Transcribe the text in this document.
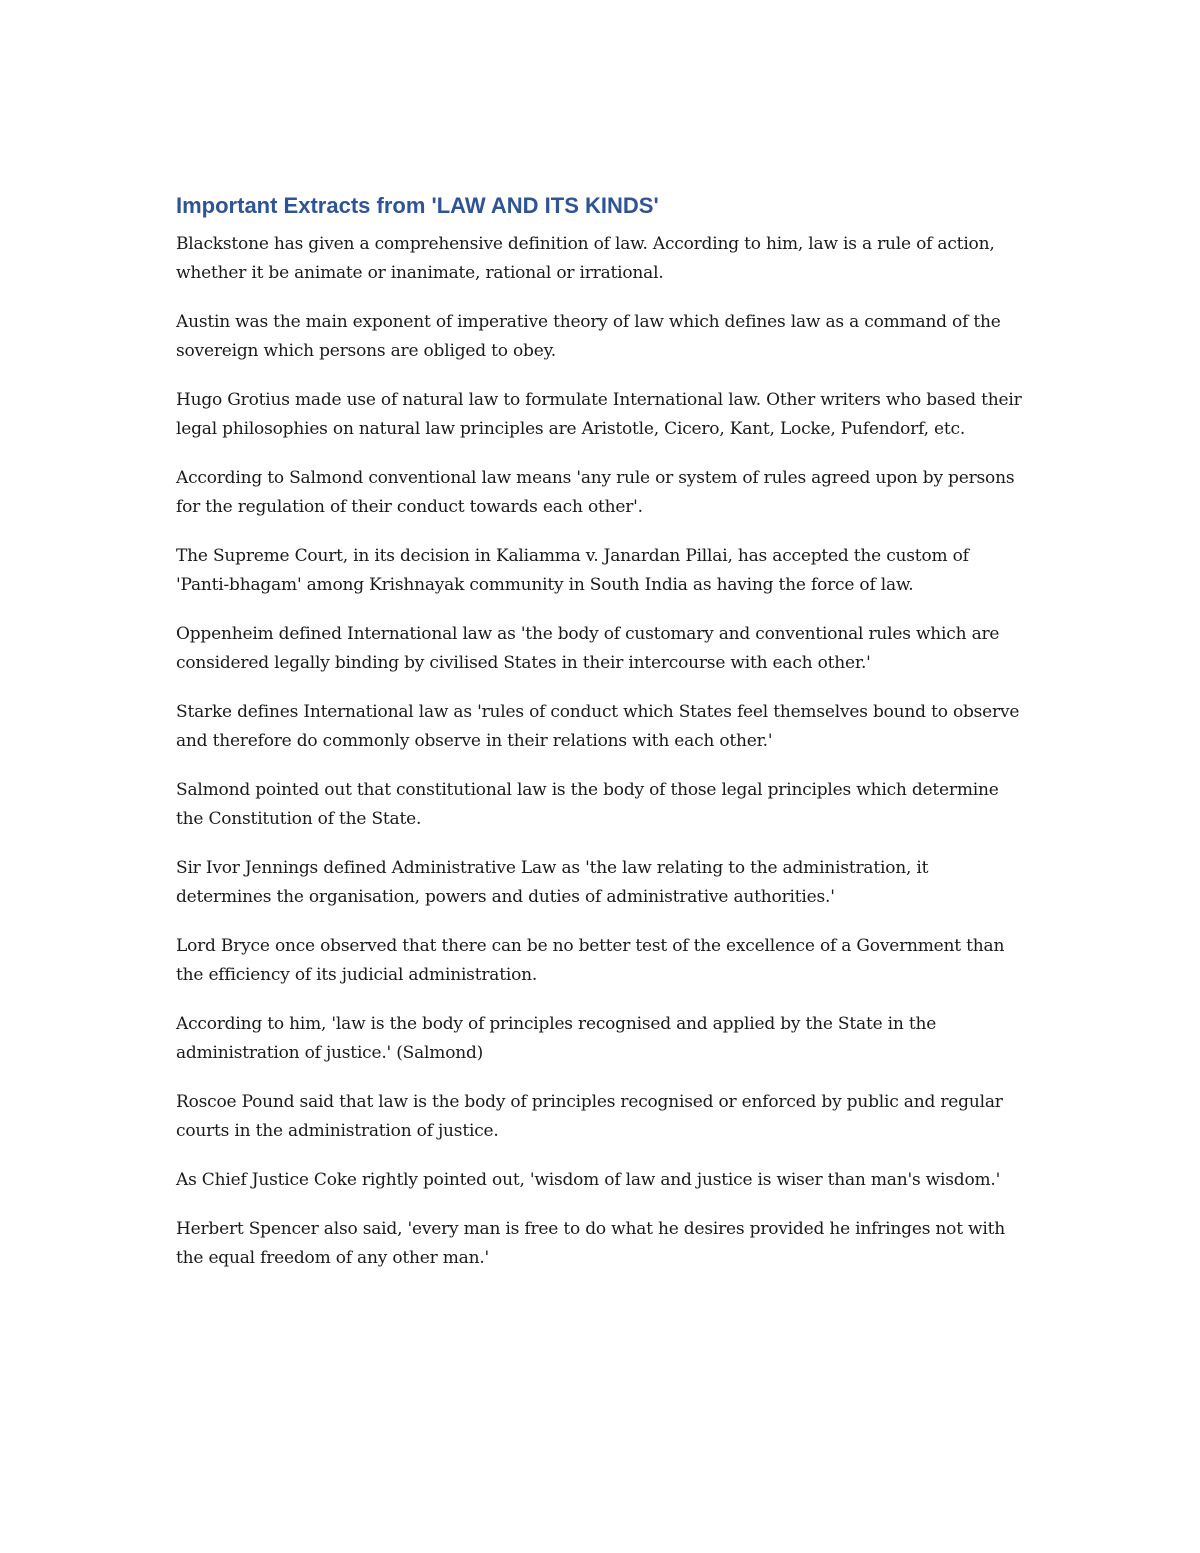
Important Extracts from 'LAW AND ITS KINDS'

Blackstone has given a comprehensive definition of law. According to him, law is a rule of action, whether it be animate or inanimate, rational or irrational.

Austin was the main exponent of imperative theory of law which defines law as a command of the sovereign which persons are obliged to obey.

Hugo Grotius made use of natural law to formulate International law. Other writers who based their legal philosophies on natural law principles are Aristotle, Cicero, Kant, Locke, Pufendorf, etc.

According to Salmond conventional law means 'any rule or system of rules agreed upon by persons for the regulation of their conduct towards each other'.

The Supreme Court, in its decision in Kaliamma v. Janardan Pillai, has accepted the custom of 'Panti-bhagam' among Krishnayak community in South India as having the force of law.

Oppenheim defined International law as 'the body of customary and conventional rules which are considered legally binding by civilised States in their intercourse with each other.'

Starke defines International law as 'rules of conduct which States feel themselves bound to observe and therefore do commonly observe in their relations with each other.'

Salmond pointed out that constitutional law is the body of those legal principles which determine the Constitution of the State.

Sir Ivor Jennings defined Administrative Law as 'the law relating to the administration, it determines the organisation, powers and duties of administrative authorities.'

Lord Bryce once observed that there can be no better test of the excellence of a Government than the efficiency of its judicial administration.

According to him, 'law is the body of principles recognised and applied by the State in the administration of justice.' (Salmond)

Roscoe Pound said that law is the body of principles recognised or enforced by public and regular courts in the administration of justice.

As Chief Justice Coke rightly pointed out, 'wisdom of law and justice is wiser than man's wisdom.'

Herbert Spencer also said, 'every man is free to do what he desires provided he infringes not with the equal freedom of any other man.'
